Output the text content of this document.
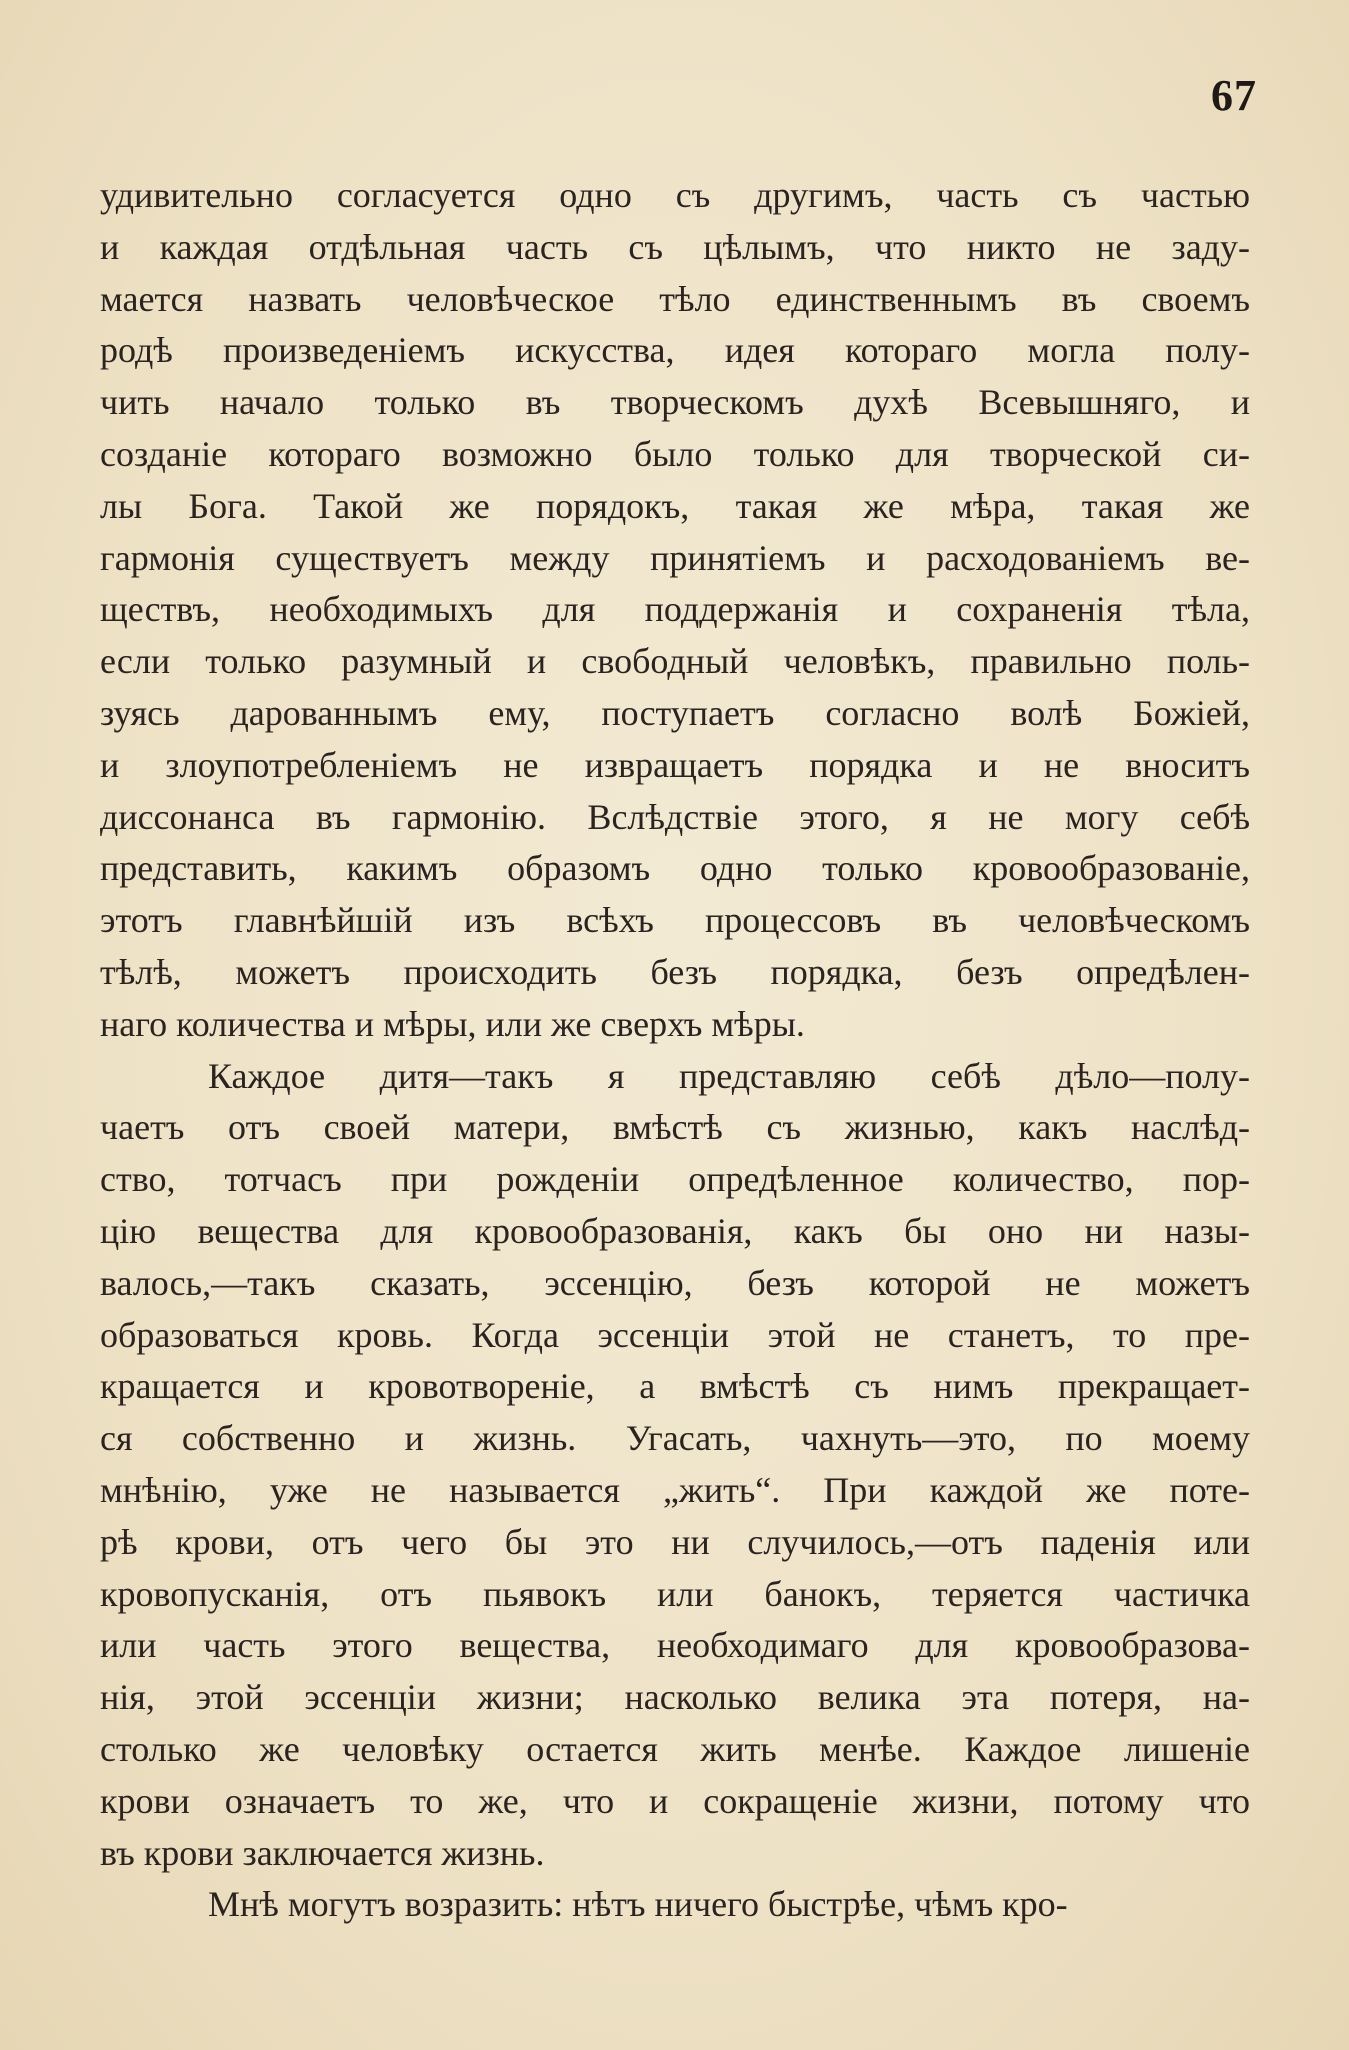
67
удивительно согласуется одно съ другимъ, часть съ частью
и каждая отдѣльная часть съ цѣлымъ, что никто не заду-
мается назвать человѣческое тѣло единственнымъ въ своемъ
родѣ произведеніемъ искусства, идея котораго могла полу-
чить начало только въ творческомъ духѣ Всевышняго, и
созданіе котораго возможно было только для творческой си-
лы Бога. Такой же порядокъ, такая же мѣра, такая же
гармонія существуетъ между принятіемъ и расходованіемъ ве-
ществъ, необходимыхъ для поддержанія и сохраненія тѣла,
если только разумный и свободный человѣкъ, правильно поль-
зуясь дарованнымъ ему, поступаетъ согласно волѣ Божіей,
и злоупотребленіемъ не извращаетъ порядка и не вноситъ
диссонанса въ гармонію. Вслѣдствіе этого, я не могу себѣ
представить, какимъ образомъ одно только кровообразованіе,
этотъ главнѣйшій изъ всѣхъ процессовъ въ человѣческомъ
тѣлѣ, можетъ происходить безъ порядка, безъ опредѣлен-
наго количества и мѣры, или же сверхъ мѣры.
Каждое дитя—такъ я представляю себѣ дѣло—полу-
чаетъ отъ своей матери, вмѣстѣ съ жизнью, какъ наслѣд-
ство, тотчасъ при рожденіи опредѣленное количество, пор-
цію вещества для кровообразованія, какъ бы оно ни назы-
валось,—такъ сказать, эссенцію, безъ которой не можетъ
образоваться кровь. Когда эссенціи этой не станетъ, то пре-
кращается и кровотвореніе, а вмѣстѣ съ нимъ прекращает-
ся собственно и жизнь. Угасать, чахнуть—это, по моему
мнѣнію, уже не называется „жить“. При каждой же поте-
рѣ крови, отъ чего бы это ни случилось,—отъ паденія или
кровопусканія, отъ пьявокъ или банокъ, теряется частичка
или часть этого вещества, необходимаго для кровообразова-
нія, этой эссенціи жизни; насколько велика эта потеря, на-
столько же человѣку остается жить менѣе. Каждое лишеніе
крови означаетъ то же, что и сокращеніе жизни, потому что
въ крови заключается жизнь.
Мнѣ могутъ возразить: нѣтъ ничего быстрѣе, чѣмъ кро-
